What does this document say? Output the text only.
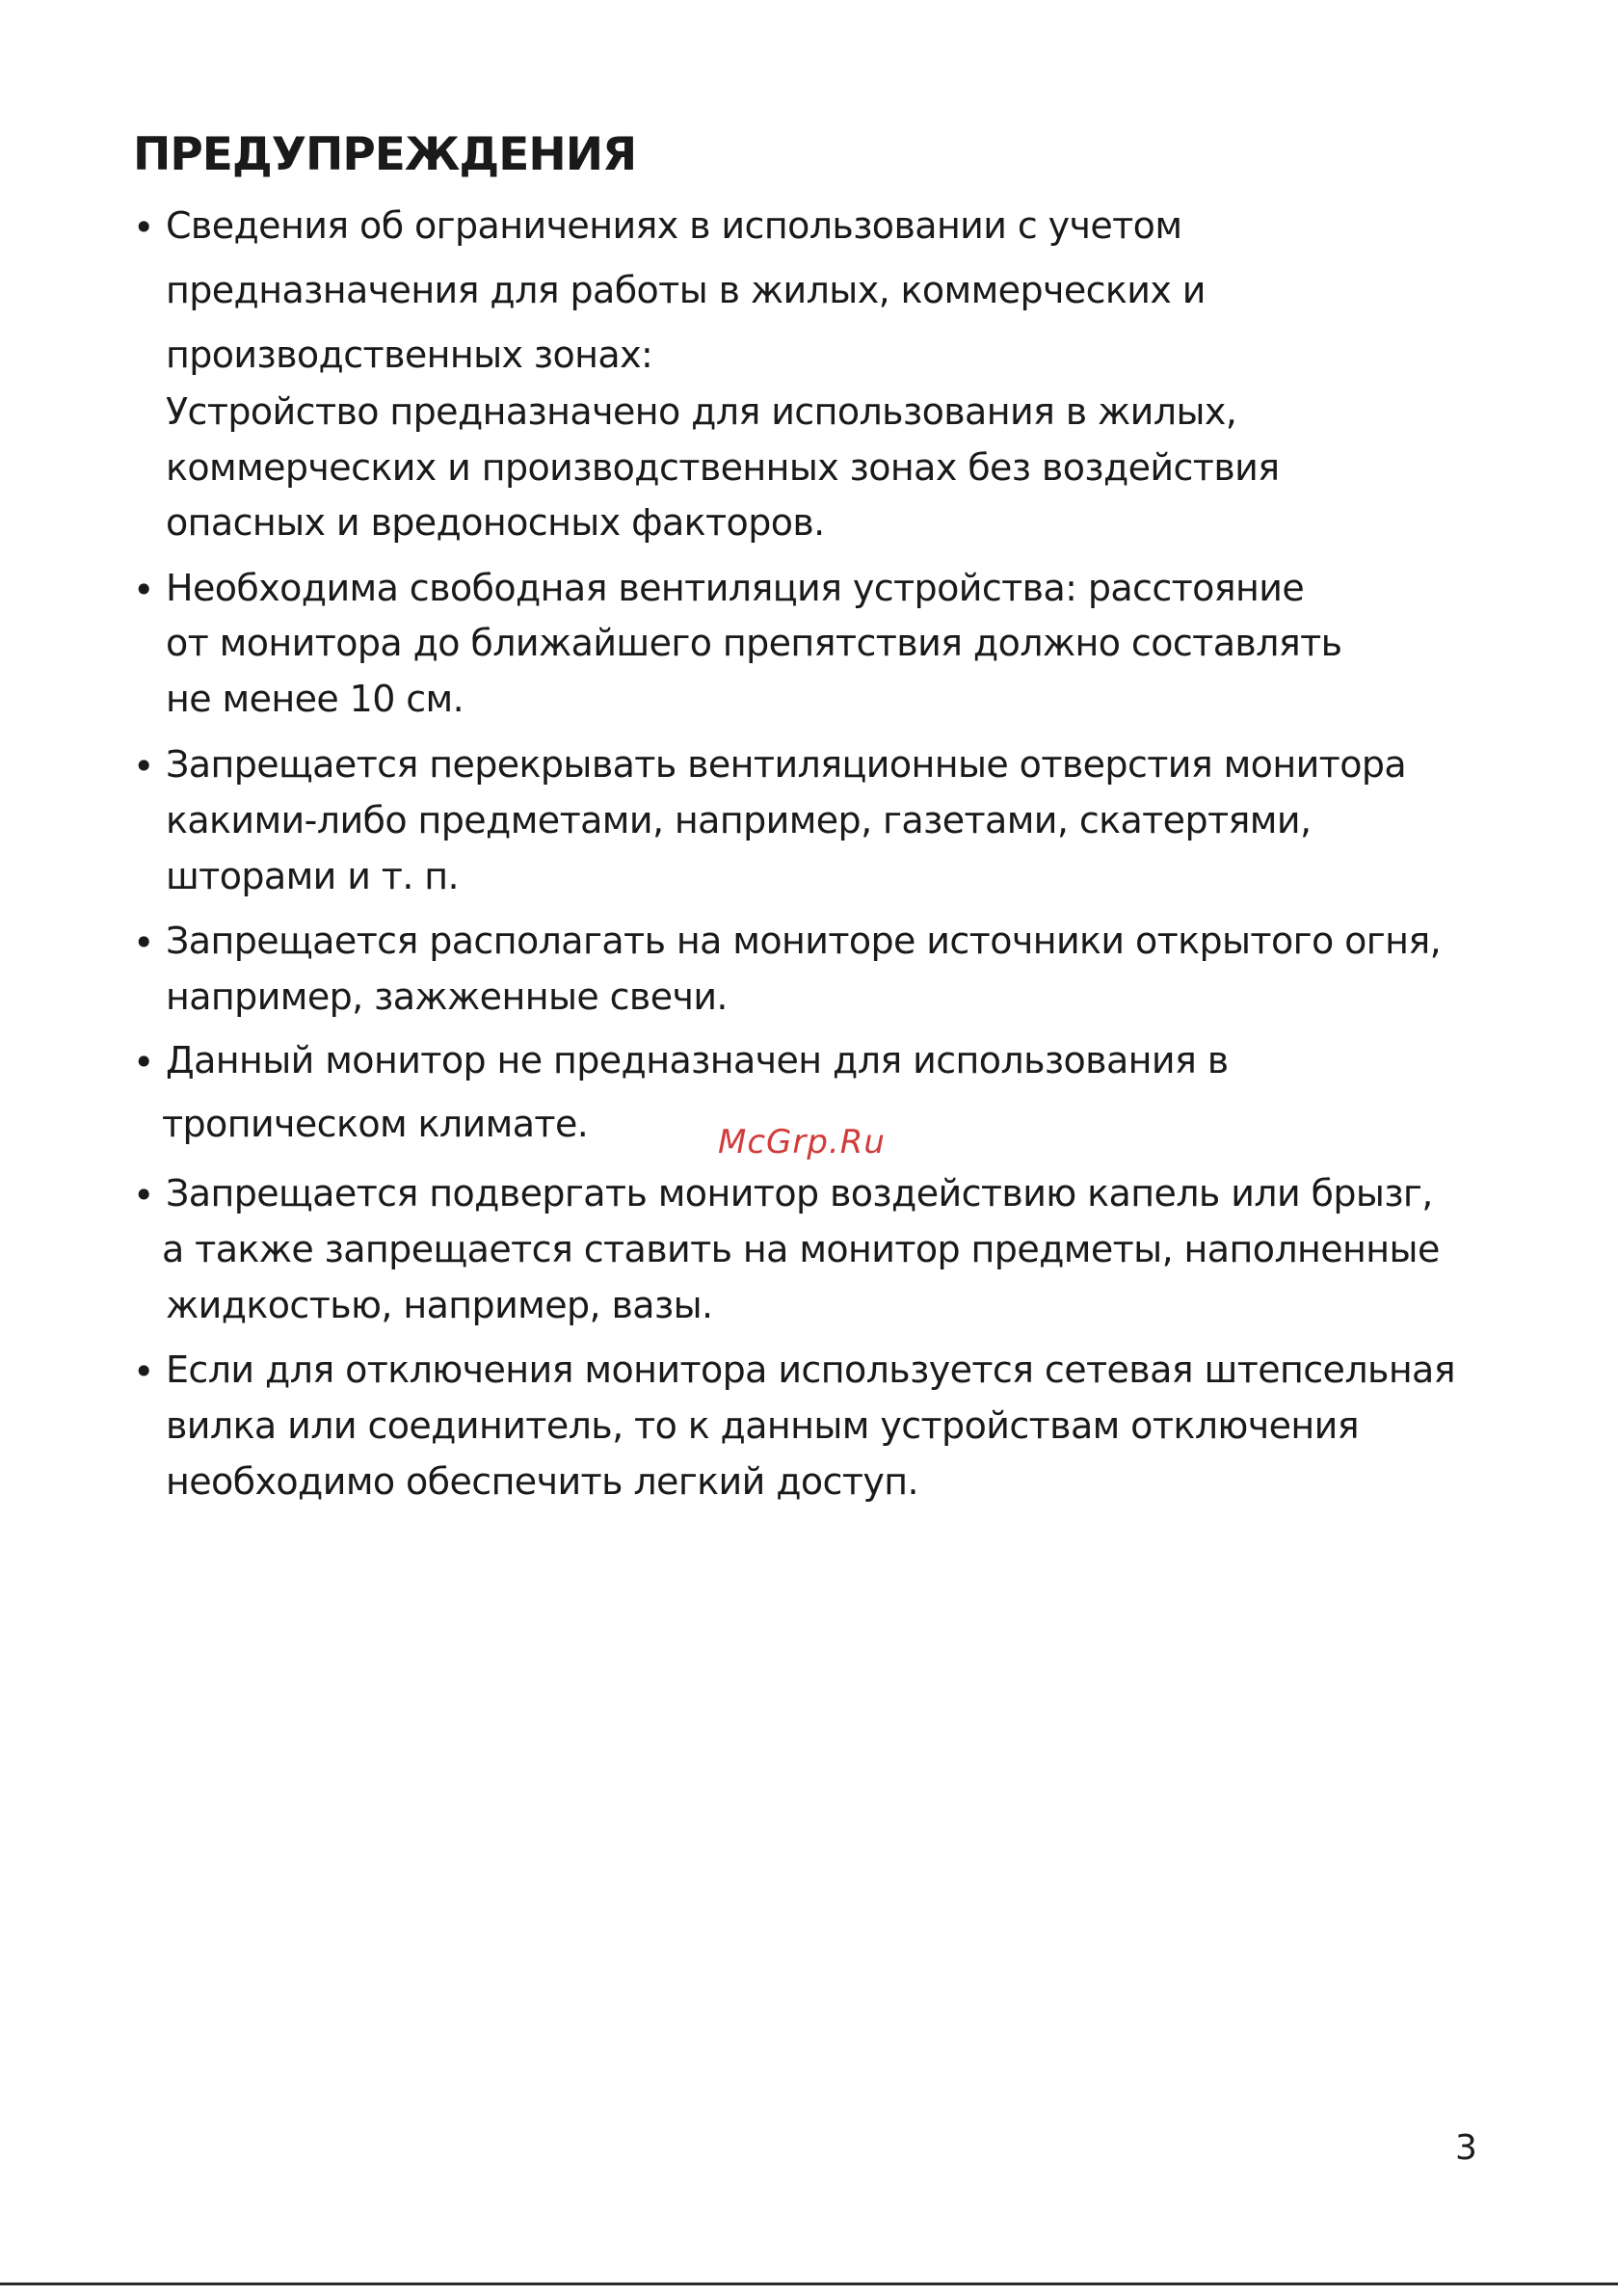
ПРЕДУПРЕЖДЕНИЯ
• Сведения об ограничениях в использовании с учетом
предназначения для работы в жилых, коммерческих и
производственных зонах:
Устройство предназначено для использования в жилых,
коммерческих и производственных зонах без воздействия
опасных и вредоносных факторов.
• Необходима свободная вентиляция устройства: расстояние
от монитора до ближайшего препятствия должно составлять
не менее 10 см.
• Запрещается перекрывать вентиляционные отверстия монитора
какими-либо предметами, например, газетами, скатертями,
шторами и т. п.
• Запрещается располагать на мониторе источники открытого огня,
например, зажженные свечи.
• Данный монитор не предназначен для использования в
тропическом климате.
• Запрещается подвергать монитор воздействию капель или брызг,
а также запрещается ставить на монитор предметы, наполненные
жидкостью, например, вазы.
• Если для отключения монитора используется сетевая штепсельная
вилка или соединитель, то к данным устройствам отключения
необходимо обеспечить легкий доступ.
McGrp.Ru
3
